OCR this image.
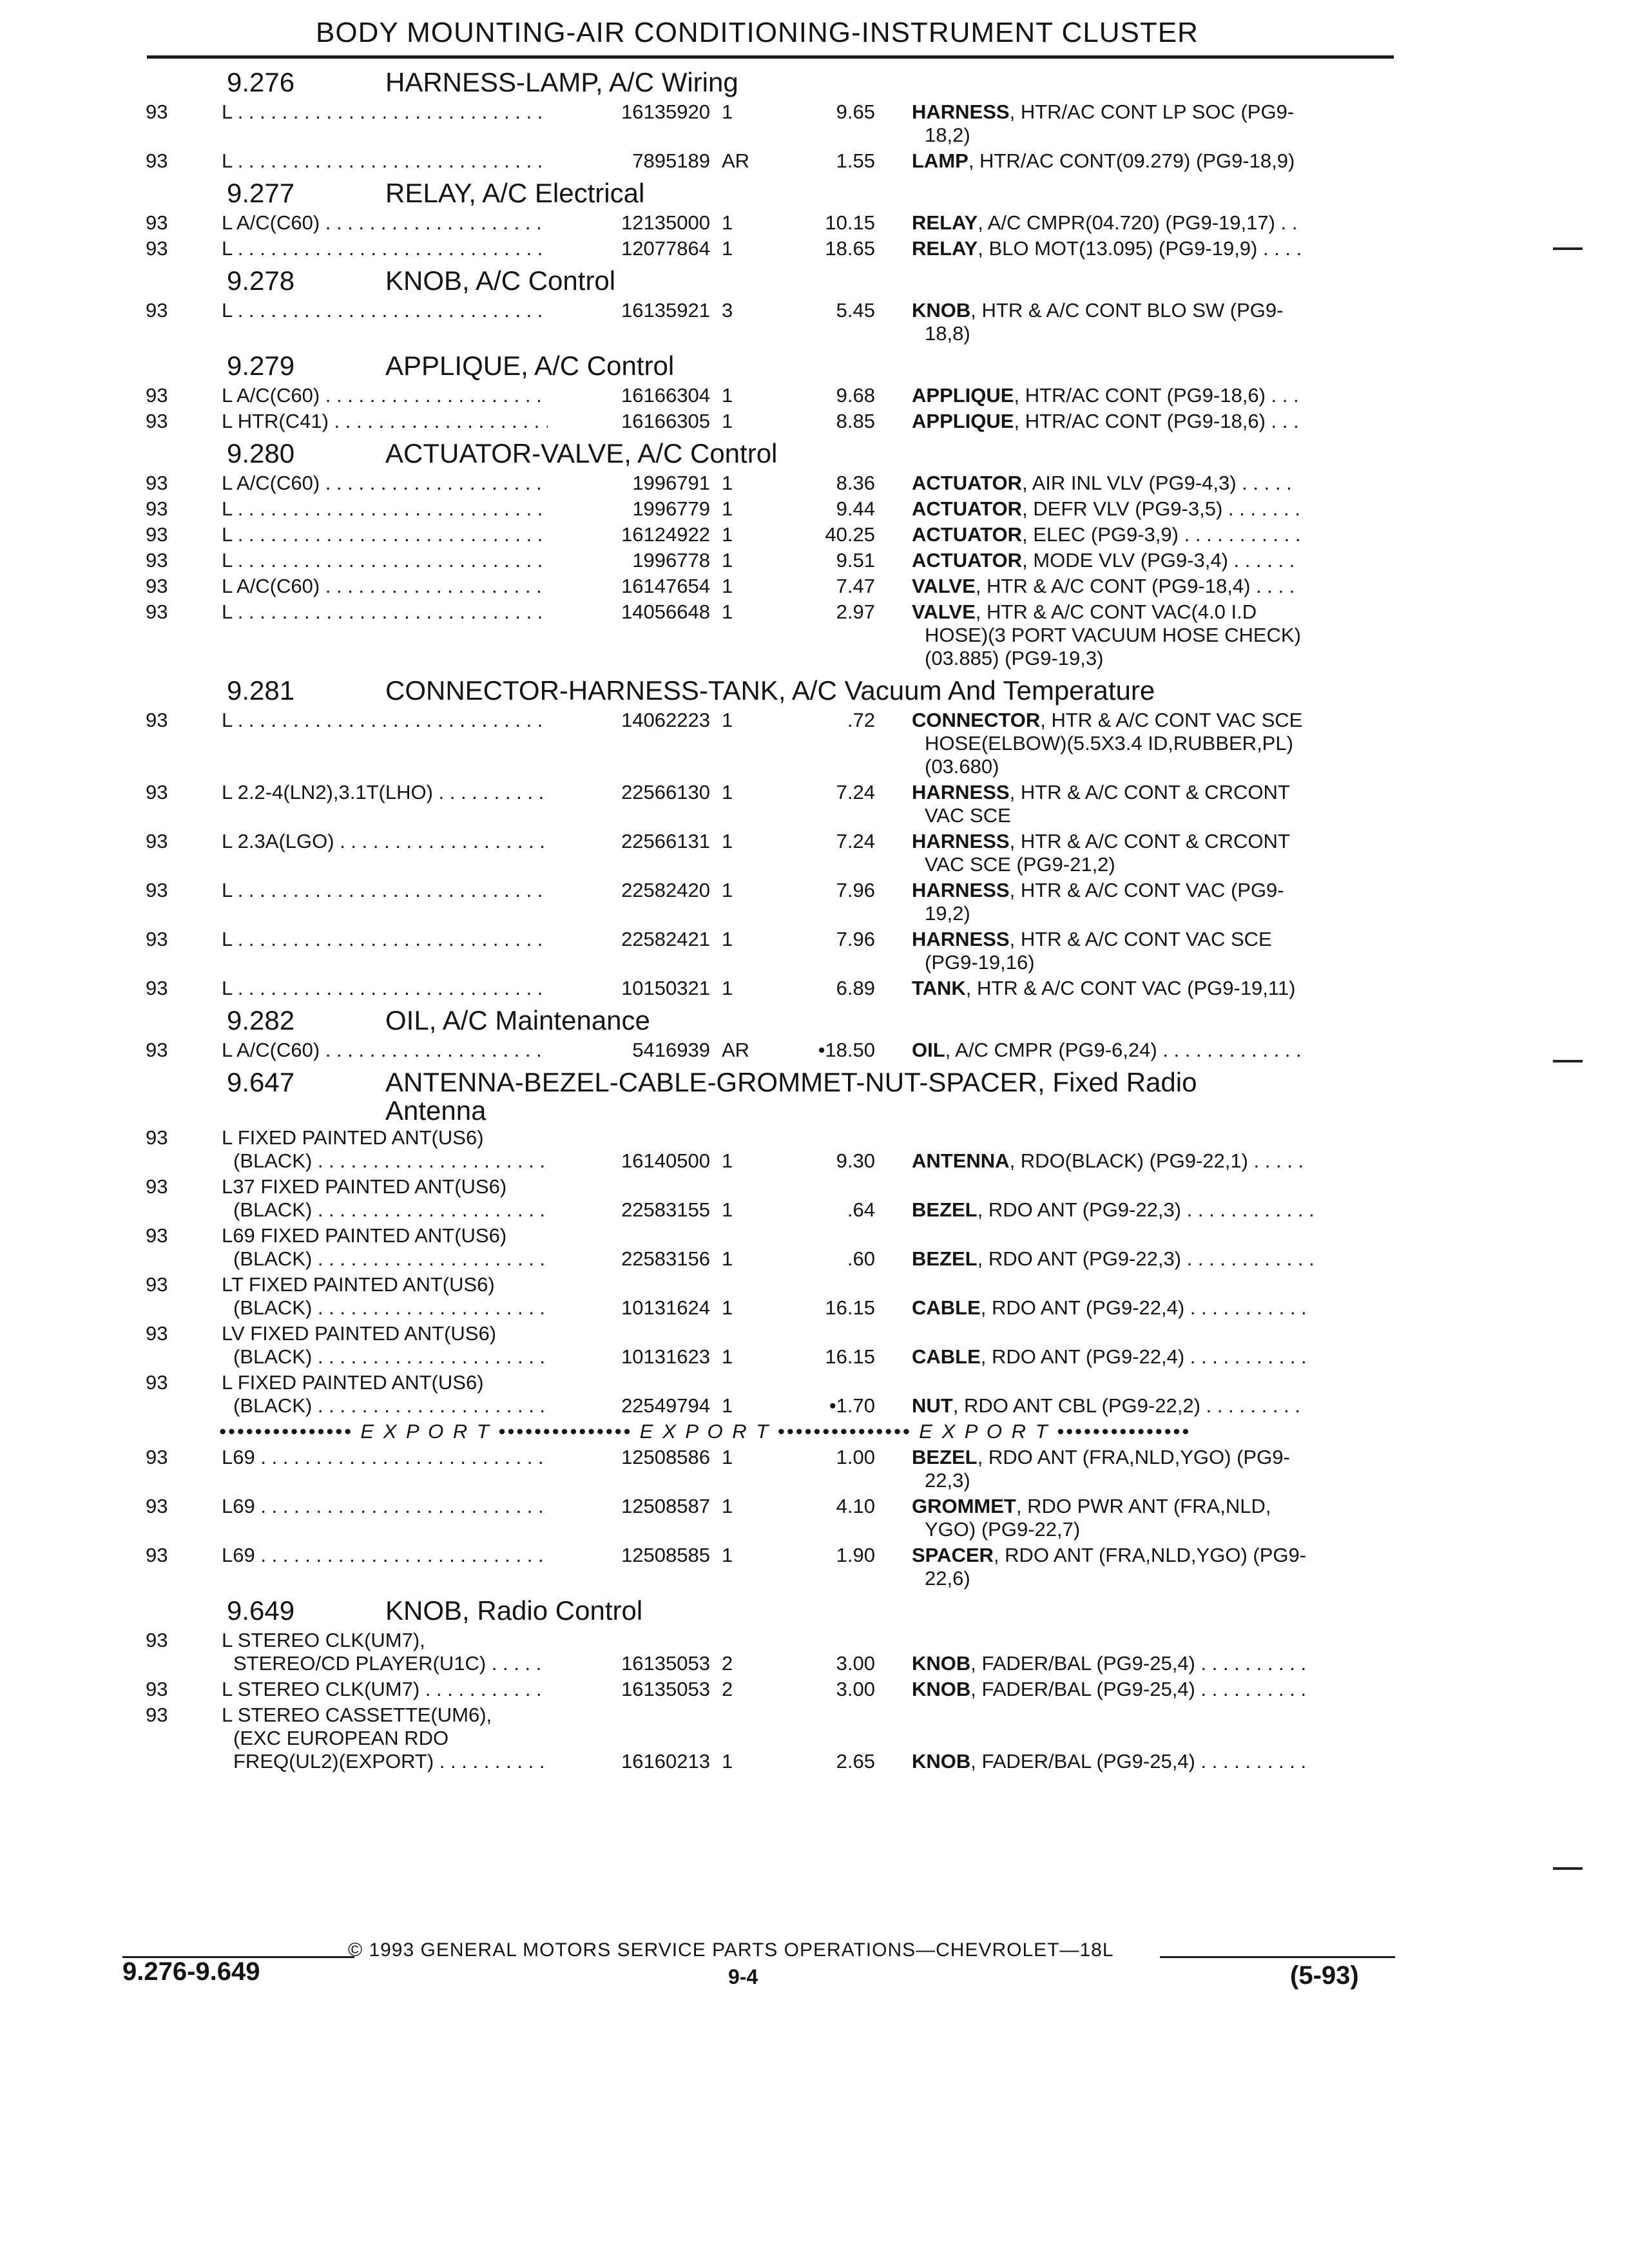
BODY MOUNTING-AIR CONDITIONING-INSTRUMENT CLUSTER
9.276	HARNESS-LAMP, A/C Wiring
93	L . . .	16135920 1	9.65 HARNESS, HTR/AC CONT LP SOC (PG9-
18,2)
93	L . . .	7895189 AR	1.55 LAMP, HTR/AC CONT(09.279) (PG9-18,9)
9.277	RELAY, A/C Electrical
93	L A/C(C60) . . .	12135000 1	10.15 RELAY, A/C CMPR(04.720) (PG9-19,17) . .
93	L . . .	12077864 1	18.65 RELAY, BLO MOT(13.095) (PG9-19,9) . . . .
9.278	KNOB, A/C Control
93	L . . .	16135921 3	5.45 KNOB, HTR & A/C CONT BLO SW (PG9-
18,8)
9.279	APPLIQUE, A/C Control
93	L A/C(C60) . . .	16166304 1	9.68 APPLIQUE, HTR/AC CONT (PG9-18,6) . . .
93	L HTR(C41) . . .	16166305 1	8.85 APPLIQUE, HTR/AC CONT (PG9-18,6) . . .
9.280	ACTUATOR-VALVE, A/C Control
93	L A/C(C60) . . .	1996791 1	8.36 ACTUATOR, AIR INL VLV (PG9-4,3) . . . . .
93	L . . .	1996779 1	9.44 ACTUATOR, DEFR VLV (PG9-3,5) . . . . . . .
93	L . . .	16124922 1	40.25 ACTUATOR, ELEC (PG9-3,9) . . . . . . . . . . .
93	L . . .	1996778 1	9.51 ACTUATOR, MODE VLV (PG9-3,4) . . . . . .
93	L A/C(C60) . . .	16147654 1	7.47 VALVE, HTR & A/C CONT (PG9-18,4) . . . .
93	L . . .	14056648 1	2.97 VALVE, HTR & A/C CONT VAC(4.0 I.D
HOSE)(3 PORT VACUUM HOSE CHECK)
(03.885) (PG9-19,3)
9.281	CONNECTOR-HARNESS-TANK, A/C Vacuum And Temperature
93	L . . .	14062223 1	.72 CONNECTOR, HTR & A/C CONT VAC SCE
HOSE(ELBOW)(5.5X3.4 ID,RUBBER,PL)
(03.680)
93	L 2.2-4(LN2),3.1T(LHO) . . .	22566130 1	7.24 HARNESS, HTR & A/C CONT & CRCONT
VAC SCE
93	L 2.3A(LGO) . . .	22566131 1	7.24 HARNESS, HTR & A/C CONT & CRCONT
VAC SCE (PG9-21,2)
93	L . . .	22582420 1	7.96 HARNESS, HTR & A/C CONT VAC (PG9-
19,2)
93	L . . .	22582421 1	7.96 HARNESS, HTR & A/C CONT VAC SCE
(PG9-19,16)
93	L . . .	10150321 1	6.89 TANK, HTR & A/C CONT VAC (PG9-19,11)
9.282	OIL, A/C Maintenance
93	L A/C(C60) . . .	5416939 AR	•18.50 OIL, A/C CMPR (PG9-6,24) . . . . . . . . . . . . .
9.647	ANTENNA-BEZEL-CABLE-GROMMET-NUT-SPACER, Fixed Radio
Antenna
93	L FIXED PAINTED ANT(US6)
(BLACK) . . .	16140500 1	9.30 ANTENNA, RDO(BLACK) (PG9-22,1) . . . . .
93	L37 FIXED PAINTED ANT(US6)
(BLACK) . . .	22583155 1	.64 BEZEL, RDO ANT (PG9-22,3) . . . . . . . . . . . .
93	L69 FIXED PAINTED ANT(US6)
(BLACK) . . .	22583156 1	.60 BEZEL, RDO ANT (PG9-22,3) . . . . . . . . . . . .
93	LT FIXED PAINTED ANT(US6)
(BLACK) . . .	10131624 1	16.15 CABLE, RDO ANT (PG9-22,4) . . . . . . . . . . .
93	LV FIXED PAINTED ANT(US6)
(BLACK) . . .	10131623 1	16.15 CABLE, RDO ANT (PG9-22,4) . . . . . . . . . . .
93	L FIXED PAINTED ANT(US6)
(BLACK) . . .	22549794 1	•1.70 NUT, RDO ANT CBL (PG9-22,2) . . . . . . . . .
••••••••••••••• E X P O R T ••••••••••••••• E X P O R T ••••••••••••••• E X P O R T •••••••••••••••
93	L69 . . .	12508586 1	1.00 BEZEL, RDO ANT (FRA,NLD,YGO) (PG9-
22,3)
93	L69 . . .	12508587 1	4.10 GROMMET, RDO PWR ANT (FRA,NLD,
YGO) (PG9-22,7)
93	L69 . . .	12508585 1	1.90 SPACER, RDO ANT (FRA,NLD,YGO) (PG9-
22,6)
9.649	KNOB, Radio Control
93	L STEREO CLK(UM7),
STEREO/CD PLAYER(U1C) . . .	16135053 2	3.00 KNOB, FADER/BAL (PG9-25,4) . . . . . . . . . .
93	L STEREO CLK(UM7) . . .	16135053 2	3.00 KNOB, FADER/BAL (PG9-25,4) . . . . . . . . . .
93	L STEREO CASSETTE(UM6),
(EXC EUROPEAN RDO
FREQ(UL2)(EXPORT) . . .	16160213 1	2.65 KNOB, FADER/BAL (PG9-25,4) . . . . . . . . . .
© 1993 GENERAL MOTORS SERVICE PARTS OPERATIONS—CHEVROLET—18L
9.276-9.649	9-4	(5-93)
